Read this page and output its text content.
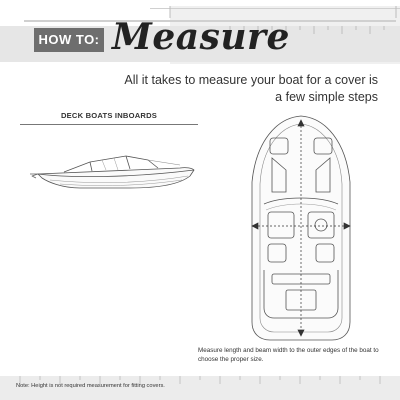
HOW TO: Measure
All it takes to measure your boat for a cover is a few simple steps
DECK BOATS INBOARDS
Measure length and beam width to the outer edges of the boat to choose the proper size.
Note: Height is not required measurement for fitting covers.
